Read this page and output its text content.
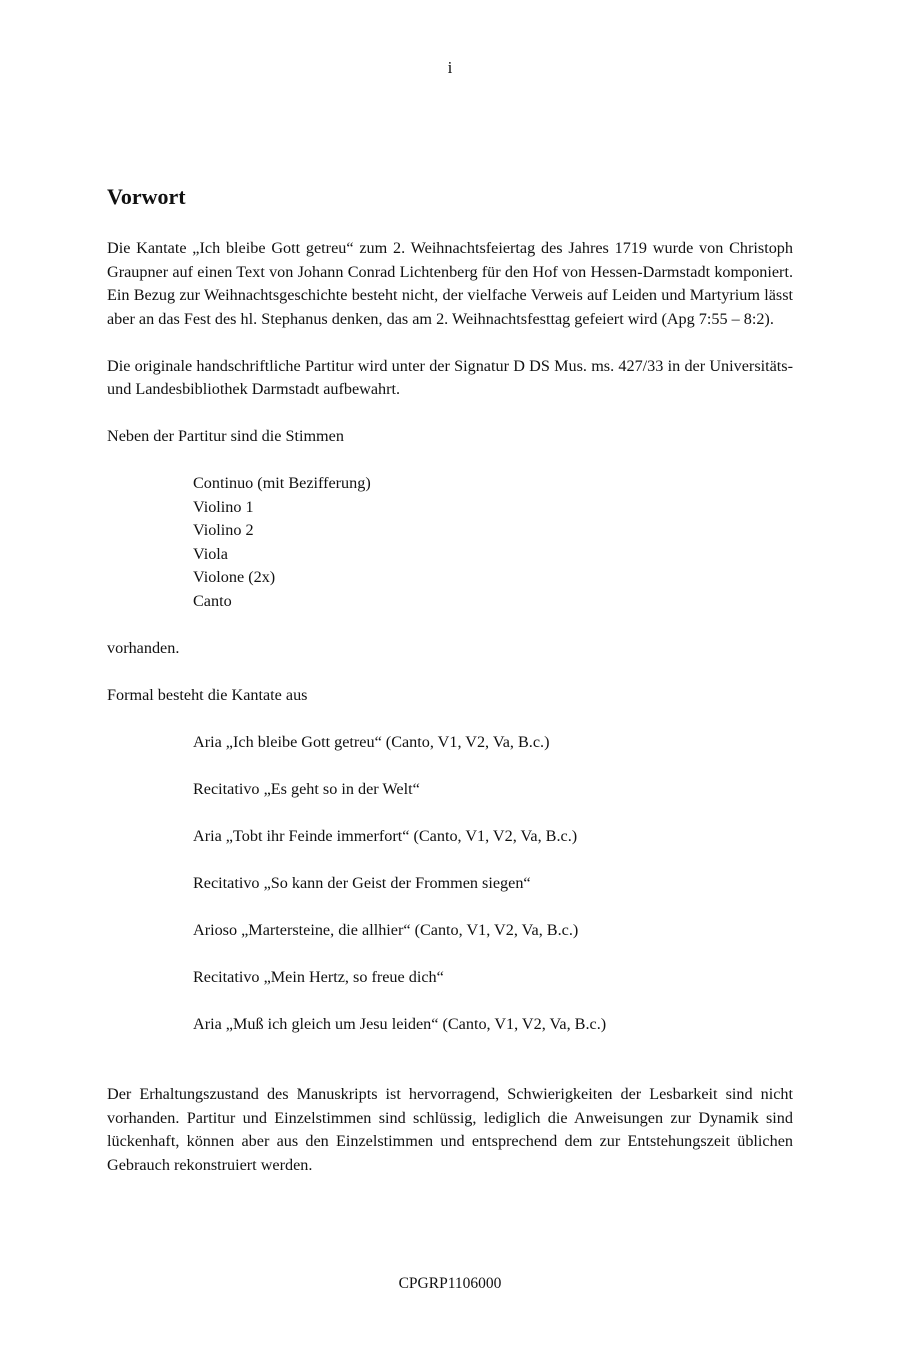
i
Vorwort

Die Kantate „Ich bleibe Gott getreu“ zum 2. Weihnachtsfeiertag des Jahres 1719 wurde von Christoph Graupner auf einen Text von Johann Conrad Lichtenberg für den Hof von Hessen-Darmstadt komponiert. Ein Bezug zur Weihnachtsgeschichte besteht nicht, der vielfache Verweis auf Leiden und Martyrium lässt aber an das Fest des hl. Stephanus denken, das am 2. Weihnachtsfesttag gefeiert wird (Apg 7:55 – 8:2).

Die originale handschriftliche Partitur wird unter der Signatur D DS Mus. ms. 427/33 in der Universitäts- und Landesbibliothek Darmstadt aufbewahrt.

Neben der Partitur sind die Stimmen

Continuo (mit Bezifferung)
Violino 1
Violino 2
Viola
Violone (2x)
Canto

vorhanden.

Formal besteht die Kantate aus

Aria „Ich bleibe Gott getreu“ (Canto, V1, V2, Va, B.c.)
Recitativo „Es geht so in der Welt“
Aria „Tobt ihr Feinde immerfort“ (Canto, V1, V2, Va, B.c.)
Recitativo „So kann der Geist der Frommen siegen“
Arioso „Martersteine, die allhier“ (Canto, V1, V2, Va, B.c.)
Recitativo „Mein Hertz, so freue dich“
Aria „Muß ich gleich um Jesu leiden“ (Canto, V1, V2, Va, B.c.)

Der Erhaltungszustand des Manuskripts ist hervorragend, Schwierigkeiten der Lesbarkeit sind nicht vorhanden. Partitur und Einzelstimmen sind schlüssig, lediglich die Anweisungen zur Dynamik sind lückenhaft, können aber aus den Einzelstimmen und entsprechend dem zur Entstehungszeit üblichen Gebrauch rekonstruiert werden.

CPGRP1106000
